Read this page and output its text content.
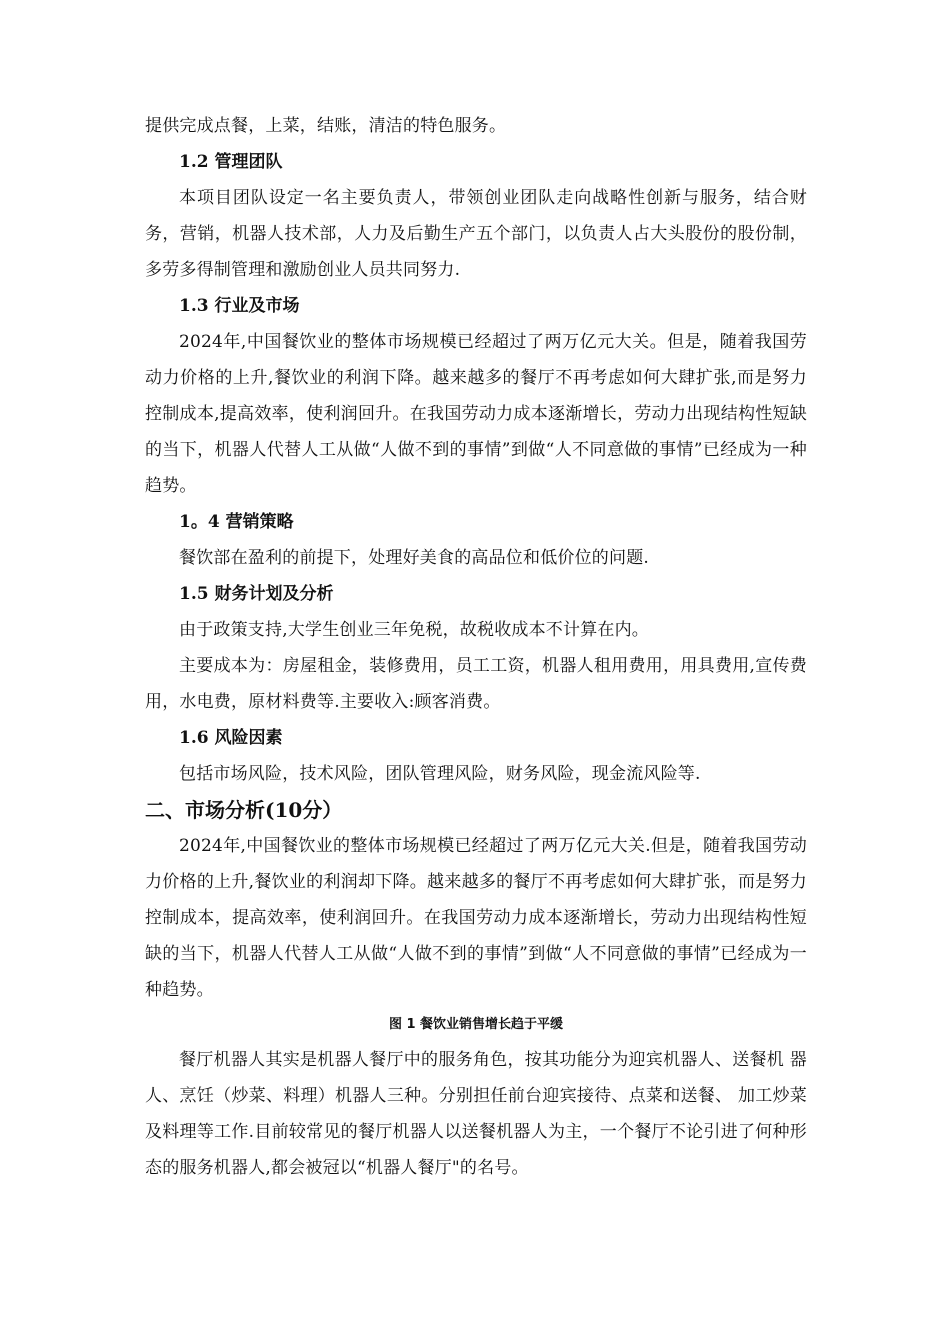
提供完成点餐，上菜，结账，清洁的特色服务。

1.2 管理团队

本项目团队设定一名主要负责人，带领创业团队走向战略性创新与服务，结合财务，营销，机器人技术部，人力及后勤生产五个部门，以负责人占大头股份的股份制，多劳多得制管理和激励创业人员共同努力.

1.3 行业及市场

2024年,中国餐饮业的整体市场规模已经超过了两万亿元大关。但是，随着我国劳动力价格的上升,餐饮业的利润下降。越来越多的餐厅不再考虑如何大肆扩张,而是努力控制成本,提高效率，使利润回升。在我国劳动力成本逐渐增长，劳动力出现结构性短缺的当下，机器人代替人工从做“人做不到的事情”到做“人不同意做的事情”已经成为一种趋势。

1。4 营销策略

餐饮部在盈利的前提下，处理好美食的高品位和低价位的问题.

1.5 财务计划及分析

由于政策支持,大学生创业三年免税，故税收成本不计算在内。

主要成本为：房屋租金，装修费用，员工工资，机器人租用费用，用具费用,宣传费用，水电费，原材料费等.主要收入:顾客消费。

1.6 风险因素

包括市场风险，技术风险，团队管理风险，财务风险，现金流风险等.

二、市场分析(10分）

2024年,中国餐饮业的整体市场规模已经超过了两万亿元大关.但是，随着我国劳动力价格的上升,餐饮业的利润却下降。越来越多的餐厅不再考虑如何大肆扩张，而是努力控制成本，提高效率，使利润回升。在我国劳动力成本逐渐增长，劳动力出现结构性短缺的当下，机器人代替人工从做“人做不到的事情”到做“人不同意做的事情”已经成为一种趋势。

图 1 餐饮业销售增长趋于平缓

餐厅机器人其实是机器人餐厅中的服务角色，按其功能分为迎宾机器人、送餐机 器人、烹饪（炒菜、料理）机器人三种。分别担任前台迎宾接待、点菜和送餐、 加工炒菜及料理等工作.目前较常见的餐厅机器人以送餐机器人为主，一个餐厅不论引进了何种形态的服务机器人,都会被冠以“机器人餐厅"的名号。
